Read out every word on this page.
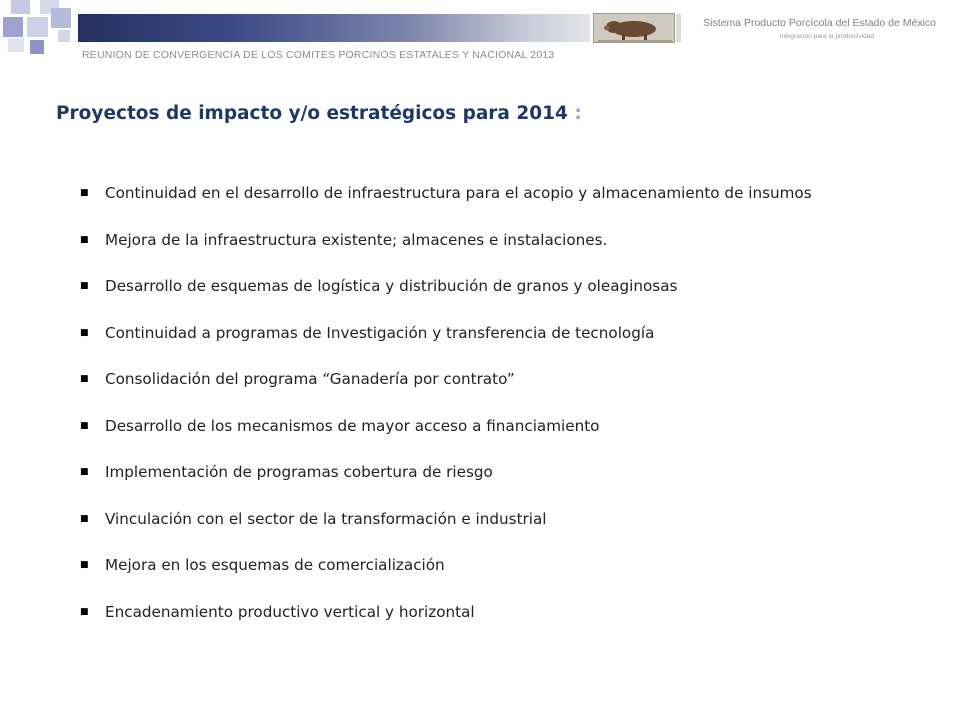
Sistema Producto Porcícola del Estado de México
Integración para la productividad
REUNION DE CONVERGENCIA DE LOS COMITES PORCINOS ESTATALES Y NACIONAL 2013
Proyectos de impacto y/o estratégicos para 2014 :
■	Continuidad en el desarrollo de infraestructura para el acopio y almacenamiento de insumos
■	Mejora de la infraestructura existente; almacenes e instalaciones.
■	Desarrollo de esquemas de logística y distribución de granos y oleaginosas
■	Continuidad a programas de Investigación y transferencia de tecnología
■	Consolidación del programa “Ganadería por contrato”
■	Desarrollo de los mecanismos de mayor acceso a financiamiento
■	Implementación de programas cobertura de riesgo
■	Vinculación con el sector de la transformación e industrial
■	Mejora en los esquemas de comercialización
■	Encadenamiento productivo vertical y horizontal
